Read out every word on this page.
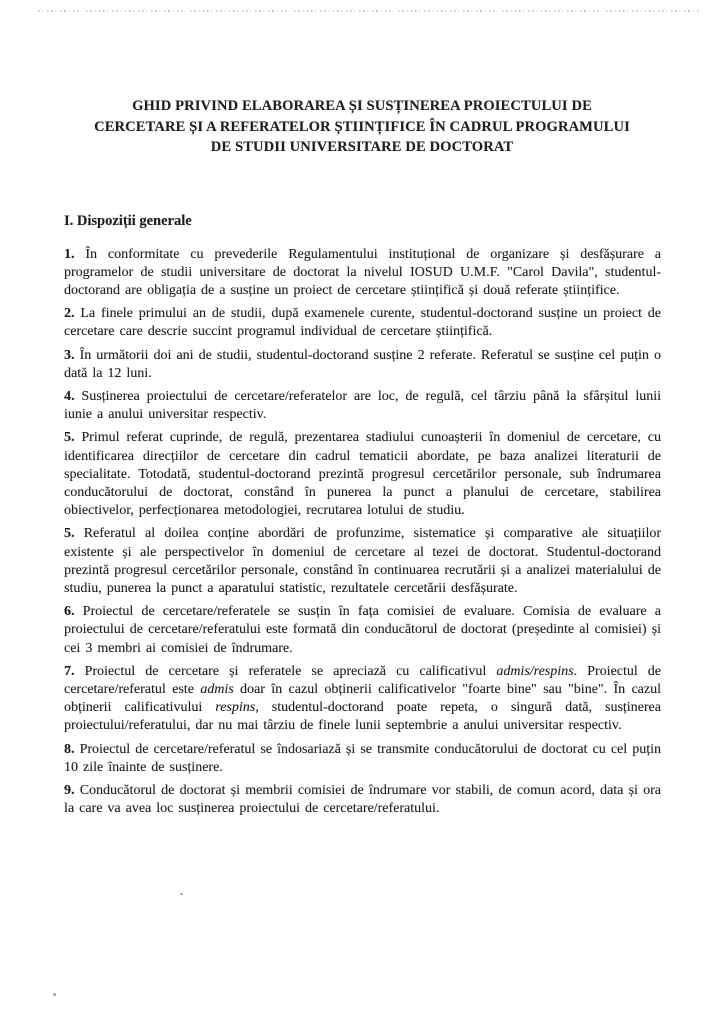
GHID PRIVIND ELABORAREA ȘI SUSȚINEREA PROIECTULUI DE
CERCETARE ȘI A REFERATELOR ȘTIINȚIFICE ÎN CADRUL PROGRAMULUI
DE STUDII UNIVERSITARE DE DOCTORAT
I. Dispoziții generale

1. În conformitate cu prevederile Regulamentului instituțional de organizare și desfășurare a programelor de studii universitare de doctorat la nivelul IOSUD U.M.F. "Carol Davila", studentul-doctorand are obligația de a susține un proiect de cercetare științifică și două referate științifice.

2. La finele primului an de studii, după examenele curente, studentul-doctorand susține un proiect de cercetare care descrie succint programul individual de cercetare științifică.

3. În următorii doi ani de studii, studentul-doctorand susține 2 referate. Referatul se susține cel puțin o dată la 12 luni.

4. Susținerea proiectului de cercetare/referatelor are loc, de regulă, cel târziu până la sfârșitul lunii iunie a anului universitar respectiv.

5. Primul referat cuprinde, de regulă, prezentarea stadiului cunoașterii în domeniul de cercetare, cu identificarea direcțiilor de cercetare din cadrul tematicii abordate, pe baza analizei literaturii de specialitate. Totodată, studentul-doctorand prezintă progresul cercetărilor personale, sub îndrumarea conducătorului de doctorat, constând în punerea la punct a planului de cercetare, stabilirea obiectivelor, perfecționarea metodologiei, recrutarea lotului de studiu.

5. Referatul al doilea conține abordări de profunzime, sistematice și comparative ale situațiilor existente și ale perspectivelor în domeniul de cercetare al tezei de doctorat. Studentul-doctorand prezintă progresul cercetărilor personale, constând în continuarea recrutării și a analizei materialului de studiu, punerea la punct a aparatului statistic, rezultatele cercetării desfășurate.

6. Proiectul de cercetare/referatele se susțin în fața comisiei de evaluare. Comisia de evaluare a proiectului de cercetare/referatului este formată din conducătorul de doctorat (președinte al comisiei) și cei 3 membri ai comisiei de îndrumare.

7. Proiectul de cercetare și referatele se apreciază cu calificativul admis/respins. Proiectul de cercetare/referatul este admis doar în cazul obținerii calificativelor "foarte bine" sau "bine". În cazul obținerii calificativului respins, studentul-doctorand poate repeta, o singură dată, susținerea proiectului/referatului, dar nu mai târziu de finele lunii septembrie a anului universitar respectiv.

8. Proiectul de cercetare/referatul se îndosariază și se transmite conducătorului de doctorat cu cel puțin 10 zile înainte de susținere.

9. Conducătorul de doctorat și membrii comisiei de îndrumare vor stabili, de comun acord, data și ora la care va avea loc susținerea proiectului de cercetare/referatului.
